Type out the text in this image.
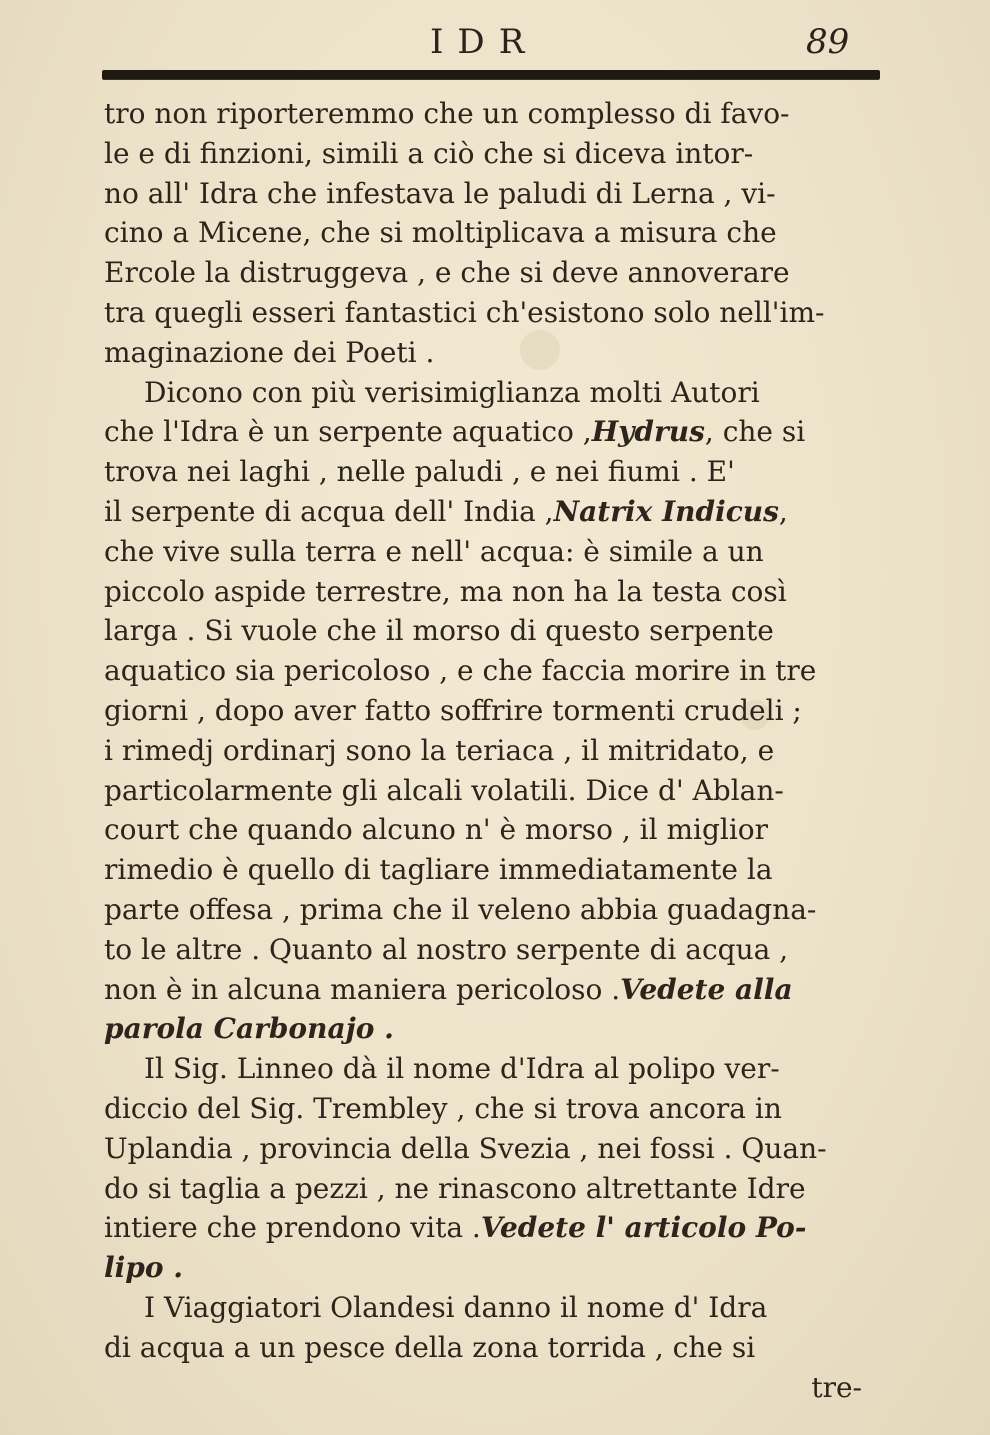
IDR	89
tro non riporteremmo che un complesso di favo-
le e di finzioni, simili a ciò che si diceva intor-
no all' Idra che infestava le paludi di Lerna , vi-
cino a Micene, che si moltiplicava a misura che
Ercole la distruggeva , e che si deve annoverare
tra quegli esseri fantastici ch'esistono solo nell'im-
maginazione dei Poeti .
Dicono con più verisimiglianza molti Autori
che l'Idra è un serpente aquatico ,Hydrus, che si
trova nei laghi , nelle paludi , e nei fiumi . E'
il serpente di acqua dell' India ,Natrix Indicus,
che vive sulla terra e nell' acqua: è simile a un
piccolo aspide terrestre, ma non ha la testa così
larga . Si vuole che il morso di questo serpente
aquatico sia pericoloso , e che faccia morire in tre
giorni , dopo aver fatto soffrire tormenti crudeli ;
i rimedj ordinarj sono la teriaca , il mitridato, e
particolarmente gli alcali volatili. Dice d' Ablan-
court che quando alcuno n' è morso , il miglior
rimedio è quello di tagliare immediatamente la
parte offesa , prima che il veleno abbia guadagna-
to le altre . Quanto al nostro serpente di acqua ,
non è in alcuna maniera pericoloso .Vedete alla
parola Carbonajo .
Il Sig. Linneo dà il nome d'Idra al polipo ver-
diccio del Sig. Trembley , che si trova ancora in
Uplandia , provincia della Svezia , nei fossi . Quan-
do si taglia a pezzi , ne rinascono altrettante Idre
intiere che prendono vita .Vedete l' articolo Po-
lipo .
I Viaggiatori Olandesi danno il nome d' Idra
di acqua a un pesce della zona torrida , che si
tre-
